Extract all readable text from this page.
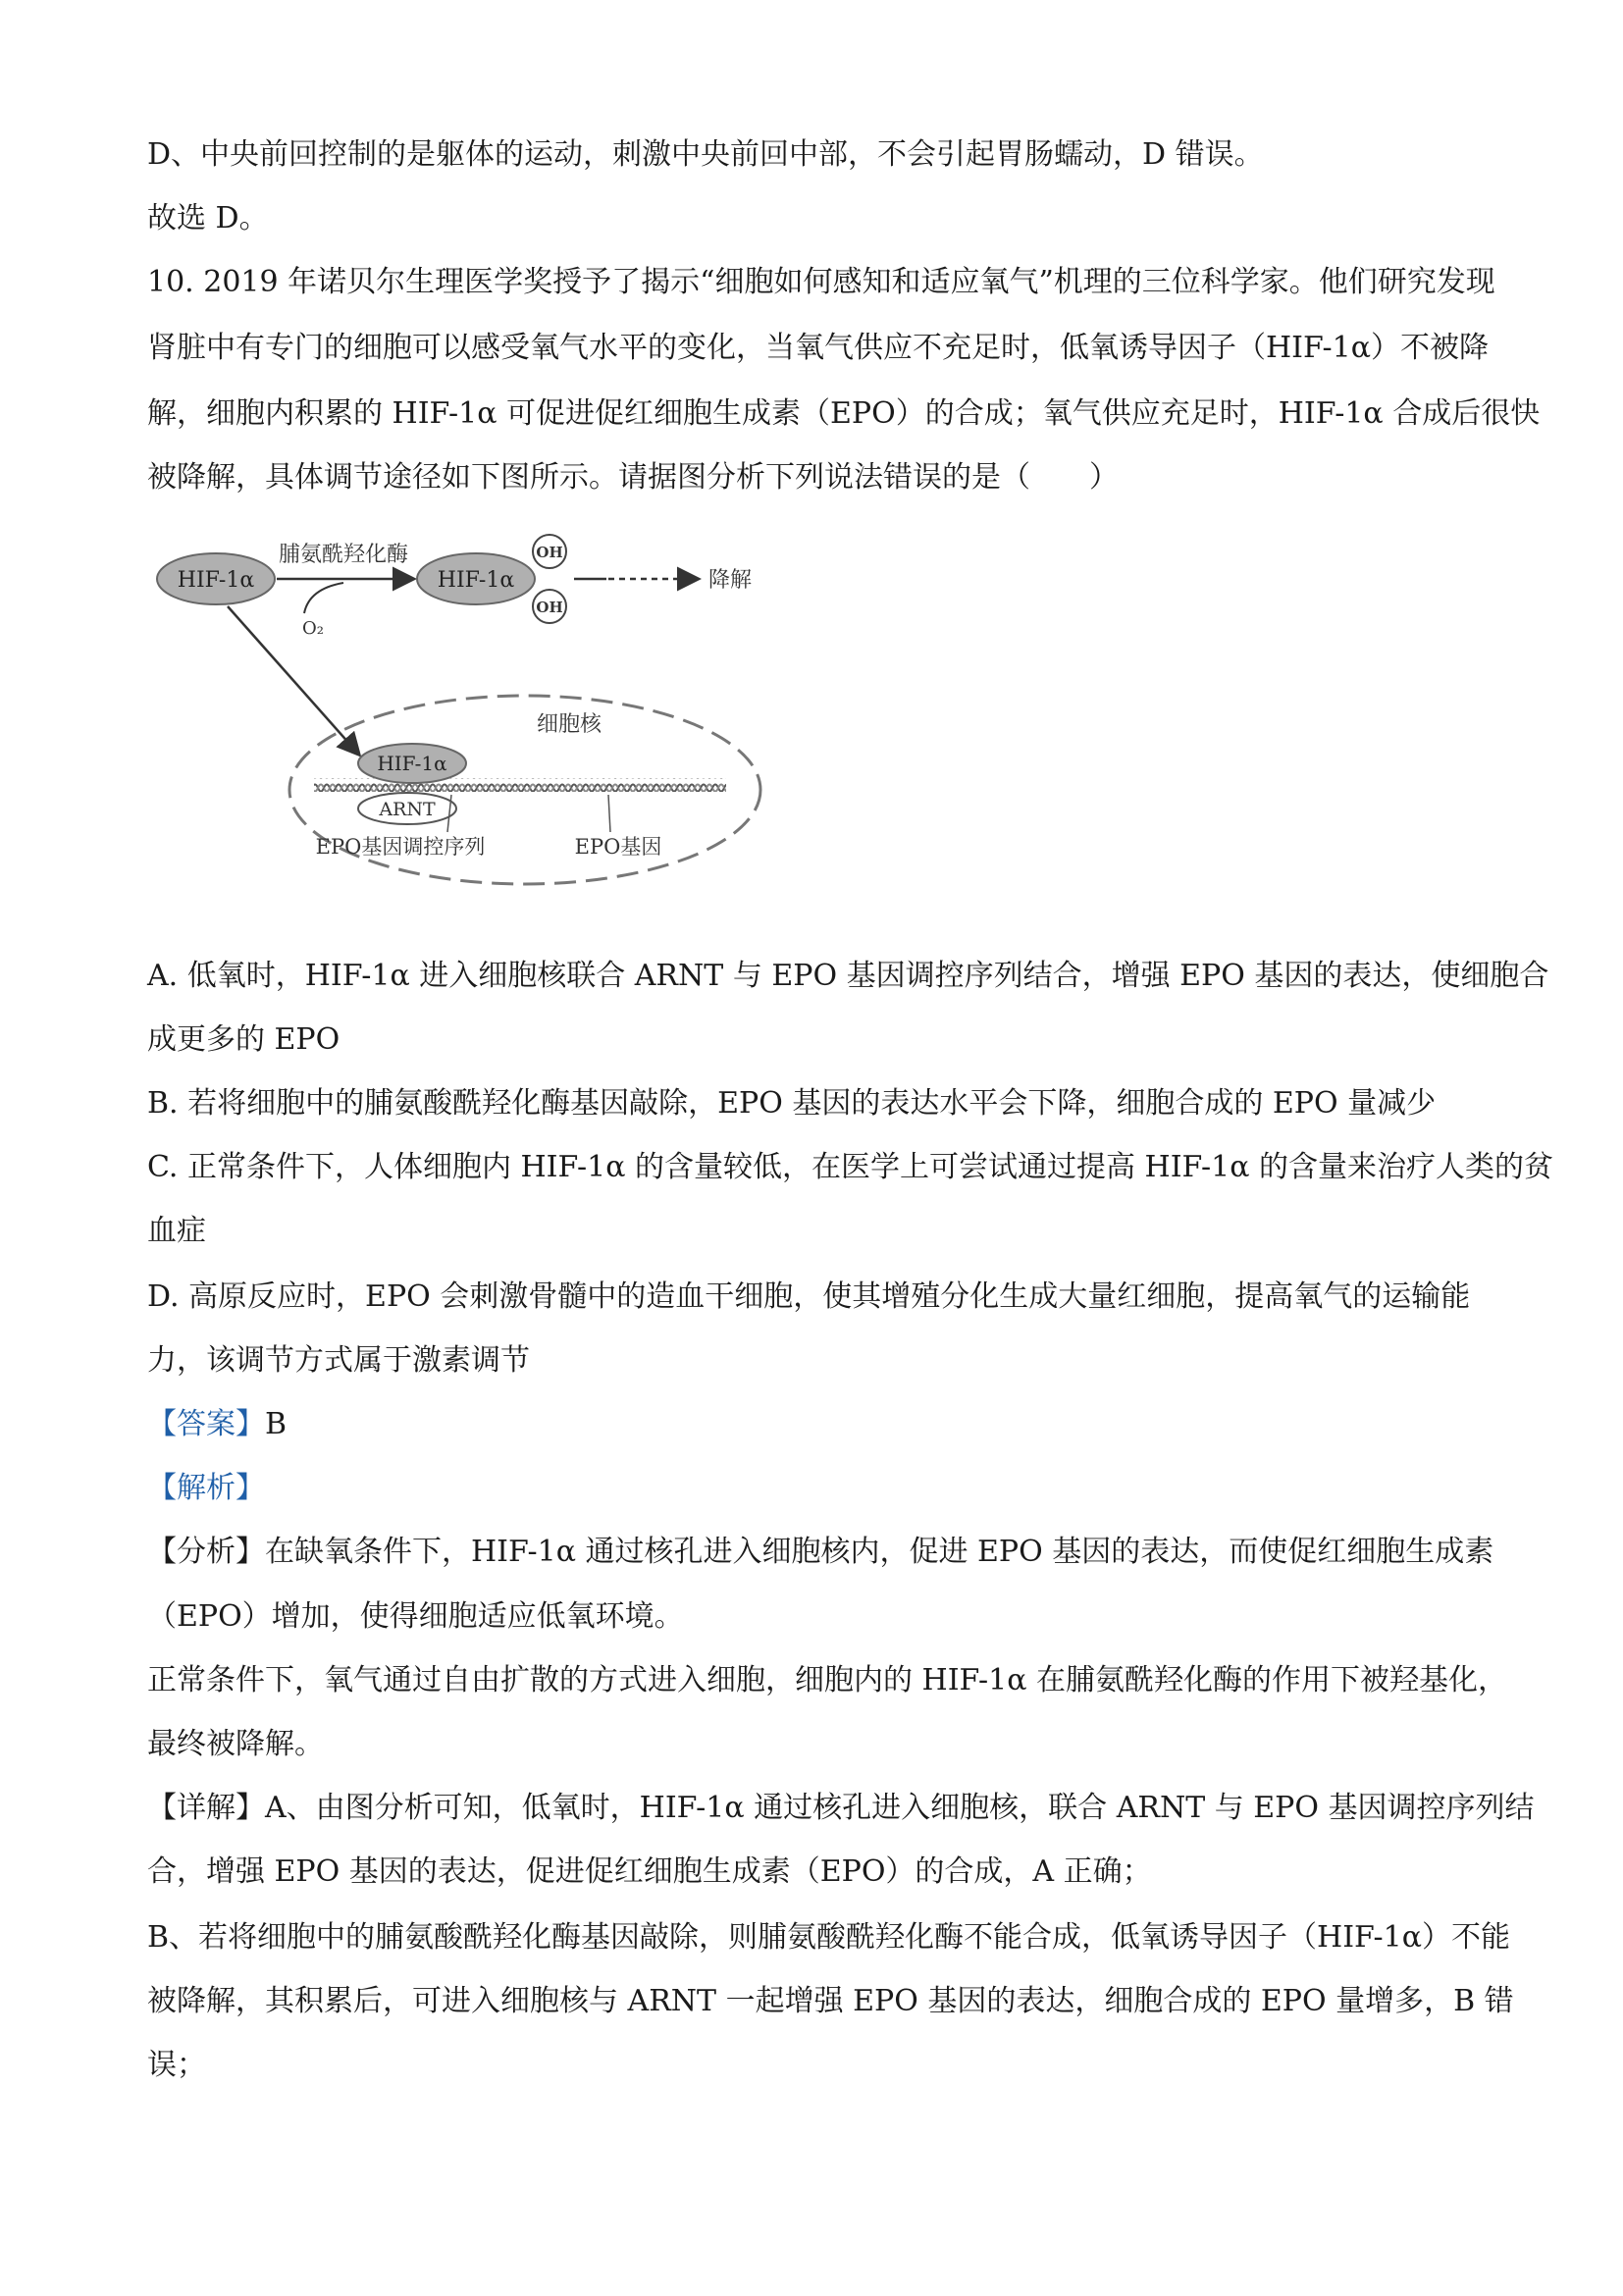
D、中央前回控制的是躯体的运动，刺激中央前回中部，不会引起胃肠蠕动，D 错误。
故选 D。
10. 2019 年诺贝尔生理医学奖授予了揭示“细胞如何感知和适应氧气”机理的三位科学家。他们研究发现
肾脏中有专门的细胞可以感受氧气水平的变化，当氧气供应不充足时，低氧诱导因子（HIF-1α）不被降
解，细胞内积累的 HIF-1α 可促进促红细胞生成素（EPO）的合成；氧气供应充足时，HIF-1α 合成后很快
被降解，具体调节途径如下图所示。请据图分析下列说法错误的是（　　）
HIF-1α
脯氨酰羟化酶
O₂
HIF-1α
OH
OH
降解
细胞核
HIF-1α
ARNT
EPO基因调控序列	EPO基因
A. 低氧时，HIF-1α 进入细胞核联合 ARNT 与 EPO 基因调控序列结合，增强 EPO 基因的表达，使细胞合
成更多的 EPO
B. 若将细胞中的脯氨酸酰羟化酶基因敲除，EPO 基因的表达水平会下降，细胞合成的 EPO 量减少
C. 正常条件下，人体细胞内 HIF-1α 的含量较低，在医学上可尝试通过提高 HIF-1α 的含量来治疗人类的贫
血症
D. 高原反应时，EPO 会刺激骨髓中的造血干细胞，使其增殖分化生成大量红细胞，提高氧气的运输能
力，该调节方式属于激素调节
【答案】B
【解析】
【分析】在缺氧条件下，HIF-1α 通过核孔进入细胞核内，促进 EPO 基因的表达，而使促红细胞生成素
（EPO）增加，使得细胞适应低氧环境。
正常条件下，氧气通过自由扩散的方式进入细胞，细胞内的 HIF-1α 在脯氨酰羟化酶的作用下被羟基化，
最终被降解。
【详解】A、由图分析可知，低氧时，HIF-1α 通过核孔进入细胞核，联合 ARNT 与 EPO 基因调控序列结
合，增强 EPO 基因的表达，促进促红细胞生成素（EPO）的合成，A 正确；
B、若将细胞中的脯氨酸酰羟化酶基因敲除，则脯氨酸酰羟化酶不能合成，低氧诱导因子（HIF-1α）不能
被降解，其积累后，可进入细胞核与 ARNT 一起增强 EPO 基因的表达，细胞合成的 EPO 量增多，B 错
误；
